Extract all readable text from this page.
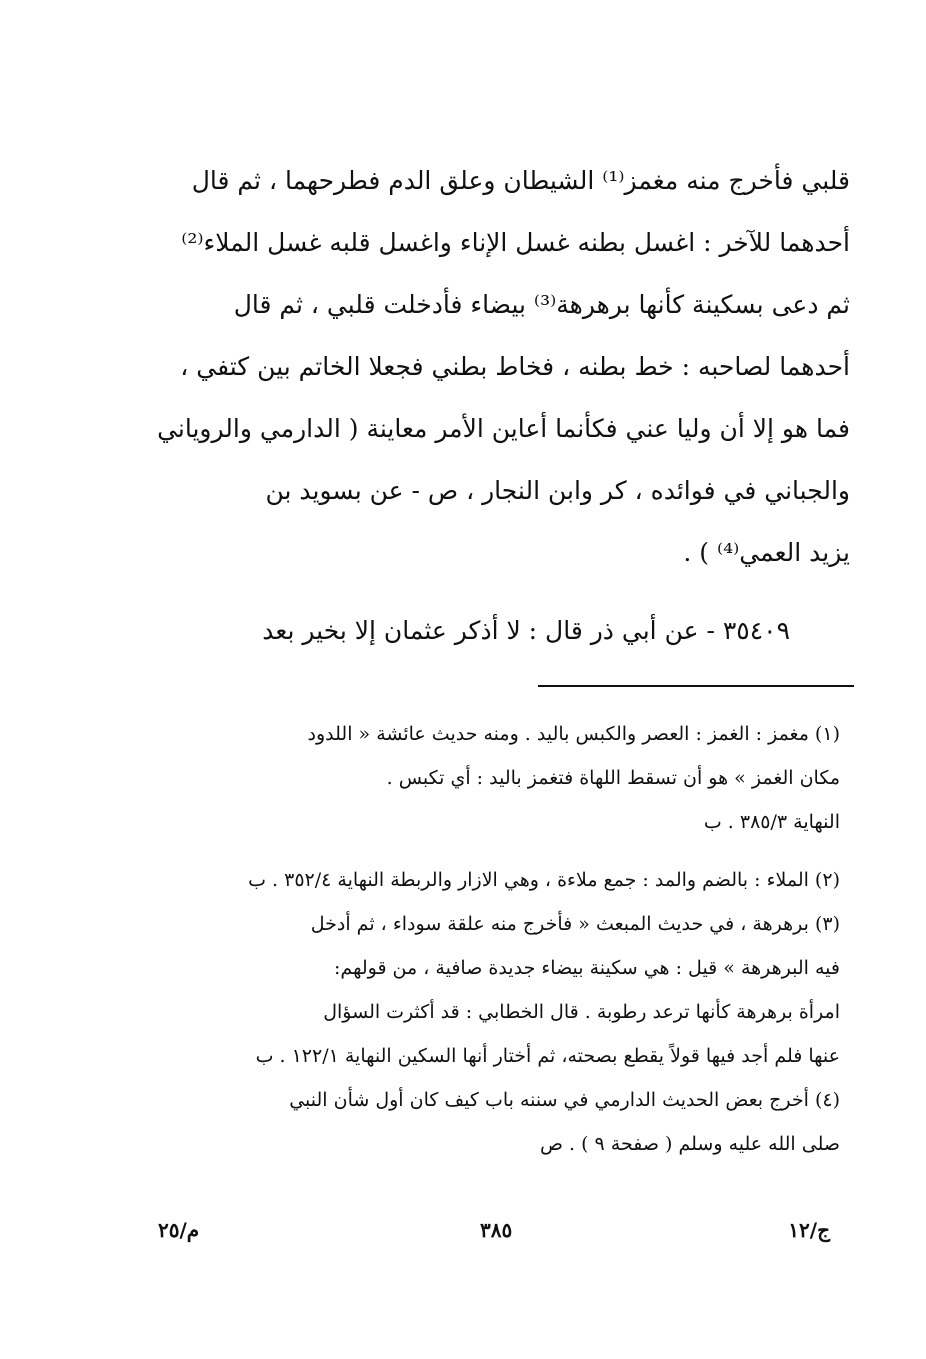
قلبي فأخرج منه مغمز⁽¹⁾ الشيطان وعلق الدم فطرحهما ، ثم قال
أحدهما للآخر : اغسل بطنه غسل الإناء واغسل قلبه غسل الملاء⁽²⁾
ثم دعى بسكينة كأنها برهرهة⁽³⁾ بيضاء فأدخلت قلبي ، ثم قال
أحدهما لصاحبه : خط بطنه ، فخاط بطني فجعلا الخاتم بين كتفي ،
فما هو إلا أن وليا عني فكأنما أعاين الأمر معاينة ( الدارمي والروياني
والجباني في فوائده ، كر وابن النجار ، ص - عن بسويد بن
يزيد العمي⁽⁴⁾ ) .
٣٥٤٠٩ - عن أبي ذر قال : لا أذكر عثمان إلا بخير بعد
(١) مغمز : الغمز : العصر والكبس باليد . ومنه حديث عائشة « اللدود
مكان الغمز » هو أن تسقط اللهاة فتغمز باليد : أي تكبس .
النهاية ٣٨٥/٣ . ب
(٢) الملاء : بالضم والمد : جمع ملاءة ، وهي الازار والربطة النهاية ٣٥٢/٤ . ب
(٣) برهرهة ، في حديث المبعث « فأخرج منه علقة سوداء ، ثم أدخل
فيه البرهرهة » قيل : هي سكينة بيضاء جديدة صافية ، من قولهم:
امرأة برهرهة كأنها ترعد رطوبة . قال الخطابي : قد أكثرت السؤال
عنها فلم أجد فيها قولاً يقطع بصحته، ثم أختار أنها السكين النهاية ١٢٢/١ . ب
(٤) أخرج بعض الحديث الدارمي في سننه باب كيف كان أول شأن النبي
صلى الله عليه وسلم ( صفحة ٩ ) . ص
ج/١٢
٣٨٥
م/٢٥
